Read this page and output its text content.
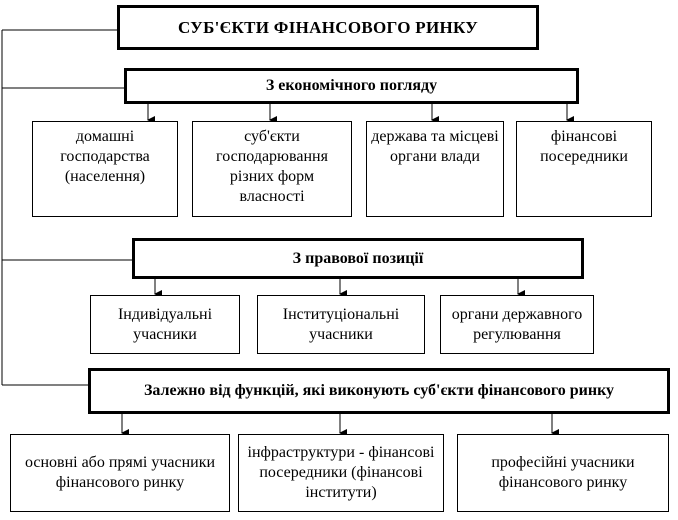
СУБ'ЄКТИ ФІНАНСОВОГО РИНКУ
З економічного погляду
домашні господарства (населення)
суб'єкти господарювання різних форм власності
держава та місцеві органи влади
фінансові посередники
З правової позиції
Індивідуальні учасники
Інституціональні учасники
органи державного регулювання
Залежно від функцій, які виконують суб'єкти фінансового ринку
основні або прямі учасники фінансового ринку
інфраструктури - фінансові посередники (фінансові інститути)
професійні учасники фінансового ринку
